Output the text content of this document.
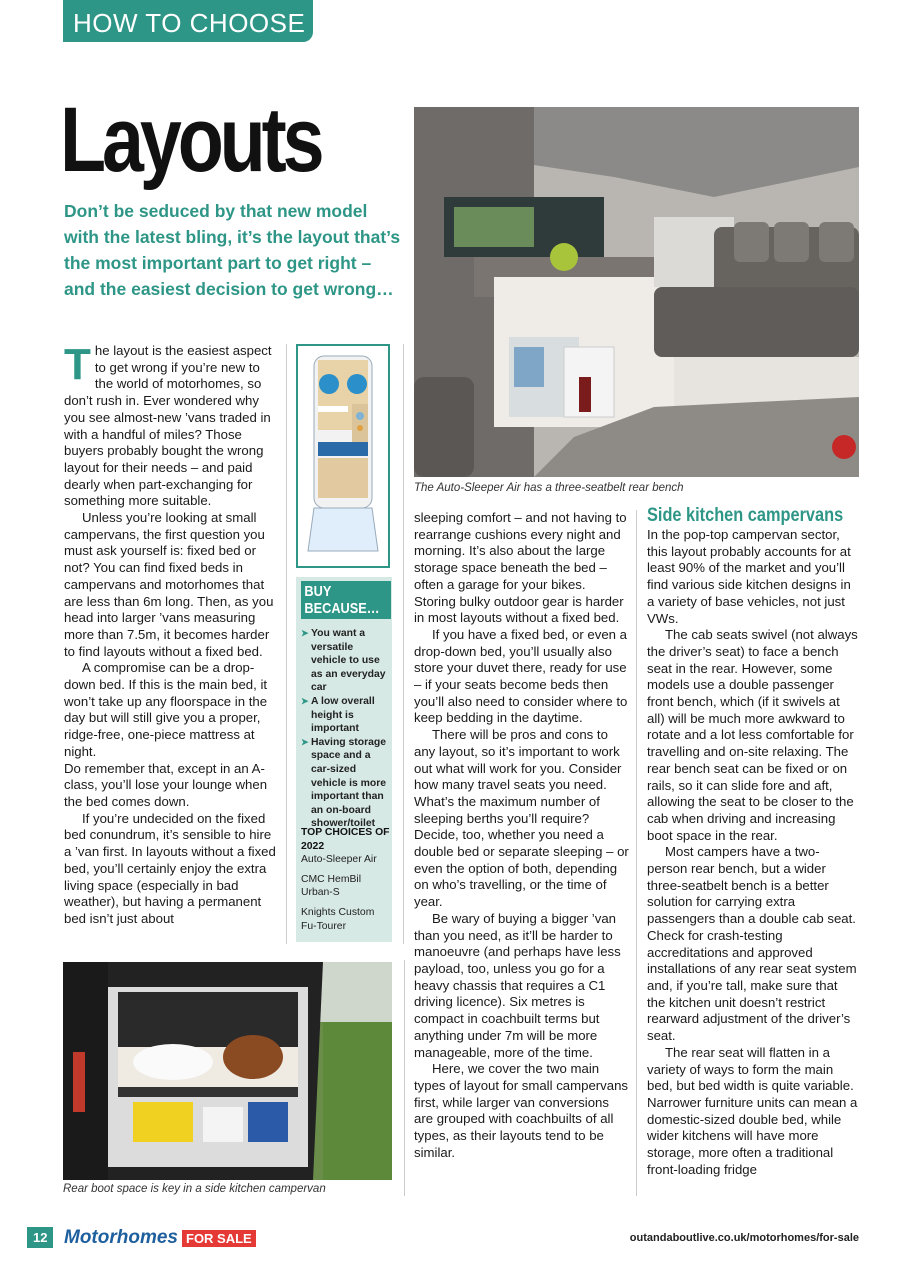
HOW TO CHOOSE
Layouts
Don’t be seduced by that new model with the latest bling, it’s the layout that’s the most important part to get right – and the easiest decision to get wrong…
The Auto-Sleeper Air has a three-seatbelt rear bench

The layout is the easiest aspect to get wrong if you’re new to the world of motorhomes, so don’t rush in. Ever wondered why you see almost-new ’vans traded in with a handful of miles? Those buyers probably bought the wrong layout for their needs – and paid dearly when part-exchanging for something more suitable.

Unless you’re looking at small campervans, the first question you must ask yourself is: fixed bed or not? You can find fixed beds in campervans and motorhomes that are less than 6m long. Then, as you head into larger ’vans measuring more than 7.5m, it becomes harder to find layouts without a fixed bed.

A compromise can be a drop-down bed. If this is the main bed, it won’t take up any floorspace in the day but will still give you a proper, ridge-free, one-piece mattress at night.

Do remember that, except in an A-class, you’ll lose your lounge when the bed comes down.

If you’re undecided on the fixed bed conundrum, it’s sensible to hire a ’van first. In layouts without a fixed bed, you’ll certainly enjoy the extra living space (especially in bad weather), but having a permanent bed isn’t just about

BUY
BECAUSE…
➤ You want a versatile vehicle to use as an everyday car
➤ A low overall height is important
➤ Having storage space and a car-sized vehicle is more important than an on-board shower/toilet
TOP CHOICES OF 2022
Auto-Sleeper Air
CMC HemBil Urban-S
Knights Custom Fu-Tourer
Rear boot space is key in a side kitchen campervan

sleeping comfort – and not having to rearrange cushions every night and morning. It’s also about the large storage space beneath the bed – often a garage for your bikes. Storing bulky outdoor gear is harder in most layouts without a fixed bed.

If you have a fixed bed, or even a drop-down bed, you’ll usually also store your duvet there, ready for use – if your seats become beds then you’ll also need to consider where to keep bedding in the daytime.

There will be pros and cons to any layout, so it’s important to work out what will work for you. Consider how many travel seats you need. What’s the maximum number of sleeping berths you’ll require? Decide, too, whether you need a double bed or separate sleeping – or even the option of both, depending on who’s travelling, or the time of year.

Be wary of buying a bigger ’van than you need, as it’ll be harder to manoeuvre (and perhaps have less payload, too, unless you go for a heavy chassis that requires a C1 driving licence). Six metres is compact in coachbuilt terms but anything under 7m will be more manageable, more of the time.

Here, we cover the two main types of layout for small campervans first, while larger van conversions are grouped with coachbuilts of all types, as their layouts tend to be similar.

Side kitchen campervans

In the pop-top campervan sector, this layout probably accounts for at least 90% of the market and you’ll find various side kitchen designs in a variety of base vehicles, not just VWs.

The cab seats swivel (not always the driver’s seat) to face a bench seat in the rear. However, some models use a double passenger front bench, which (if it swivels at all) will be much more awkward to rotate and a lot less comfortable for travelling and on-site relaxing. The rear bench seat can be fixed or on rails, so it can slide fore and aft, allowing the seat to be closer to the cab when driving and increasing boot space in the rear.

Most campers have a two-person rear bench, but a wider three-seatbelt bench is a better solution for carrying extra passengers than a double cab seat. Check for crash-testing accreditations and approved installations of any rear seat system and, if you’re tall, make sure that the kitchen unit doesn’t restrict rearward adjustment of the driver’s seat.

The rear seat will flatten in a variety of ways to form the main bed, but bed width is quite variable. Narrower furniture units can mean a domestic-sized double bed, while wider kitchens will have more storage, more often a traditional front-loading fridge

12 Motorhomes FOR SALE	outandaboutlive.co.uk/motorhomes/for-sale
